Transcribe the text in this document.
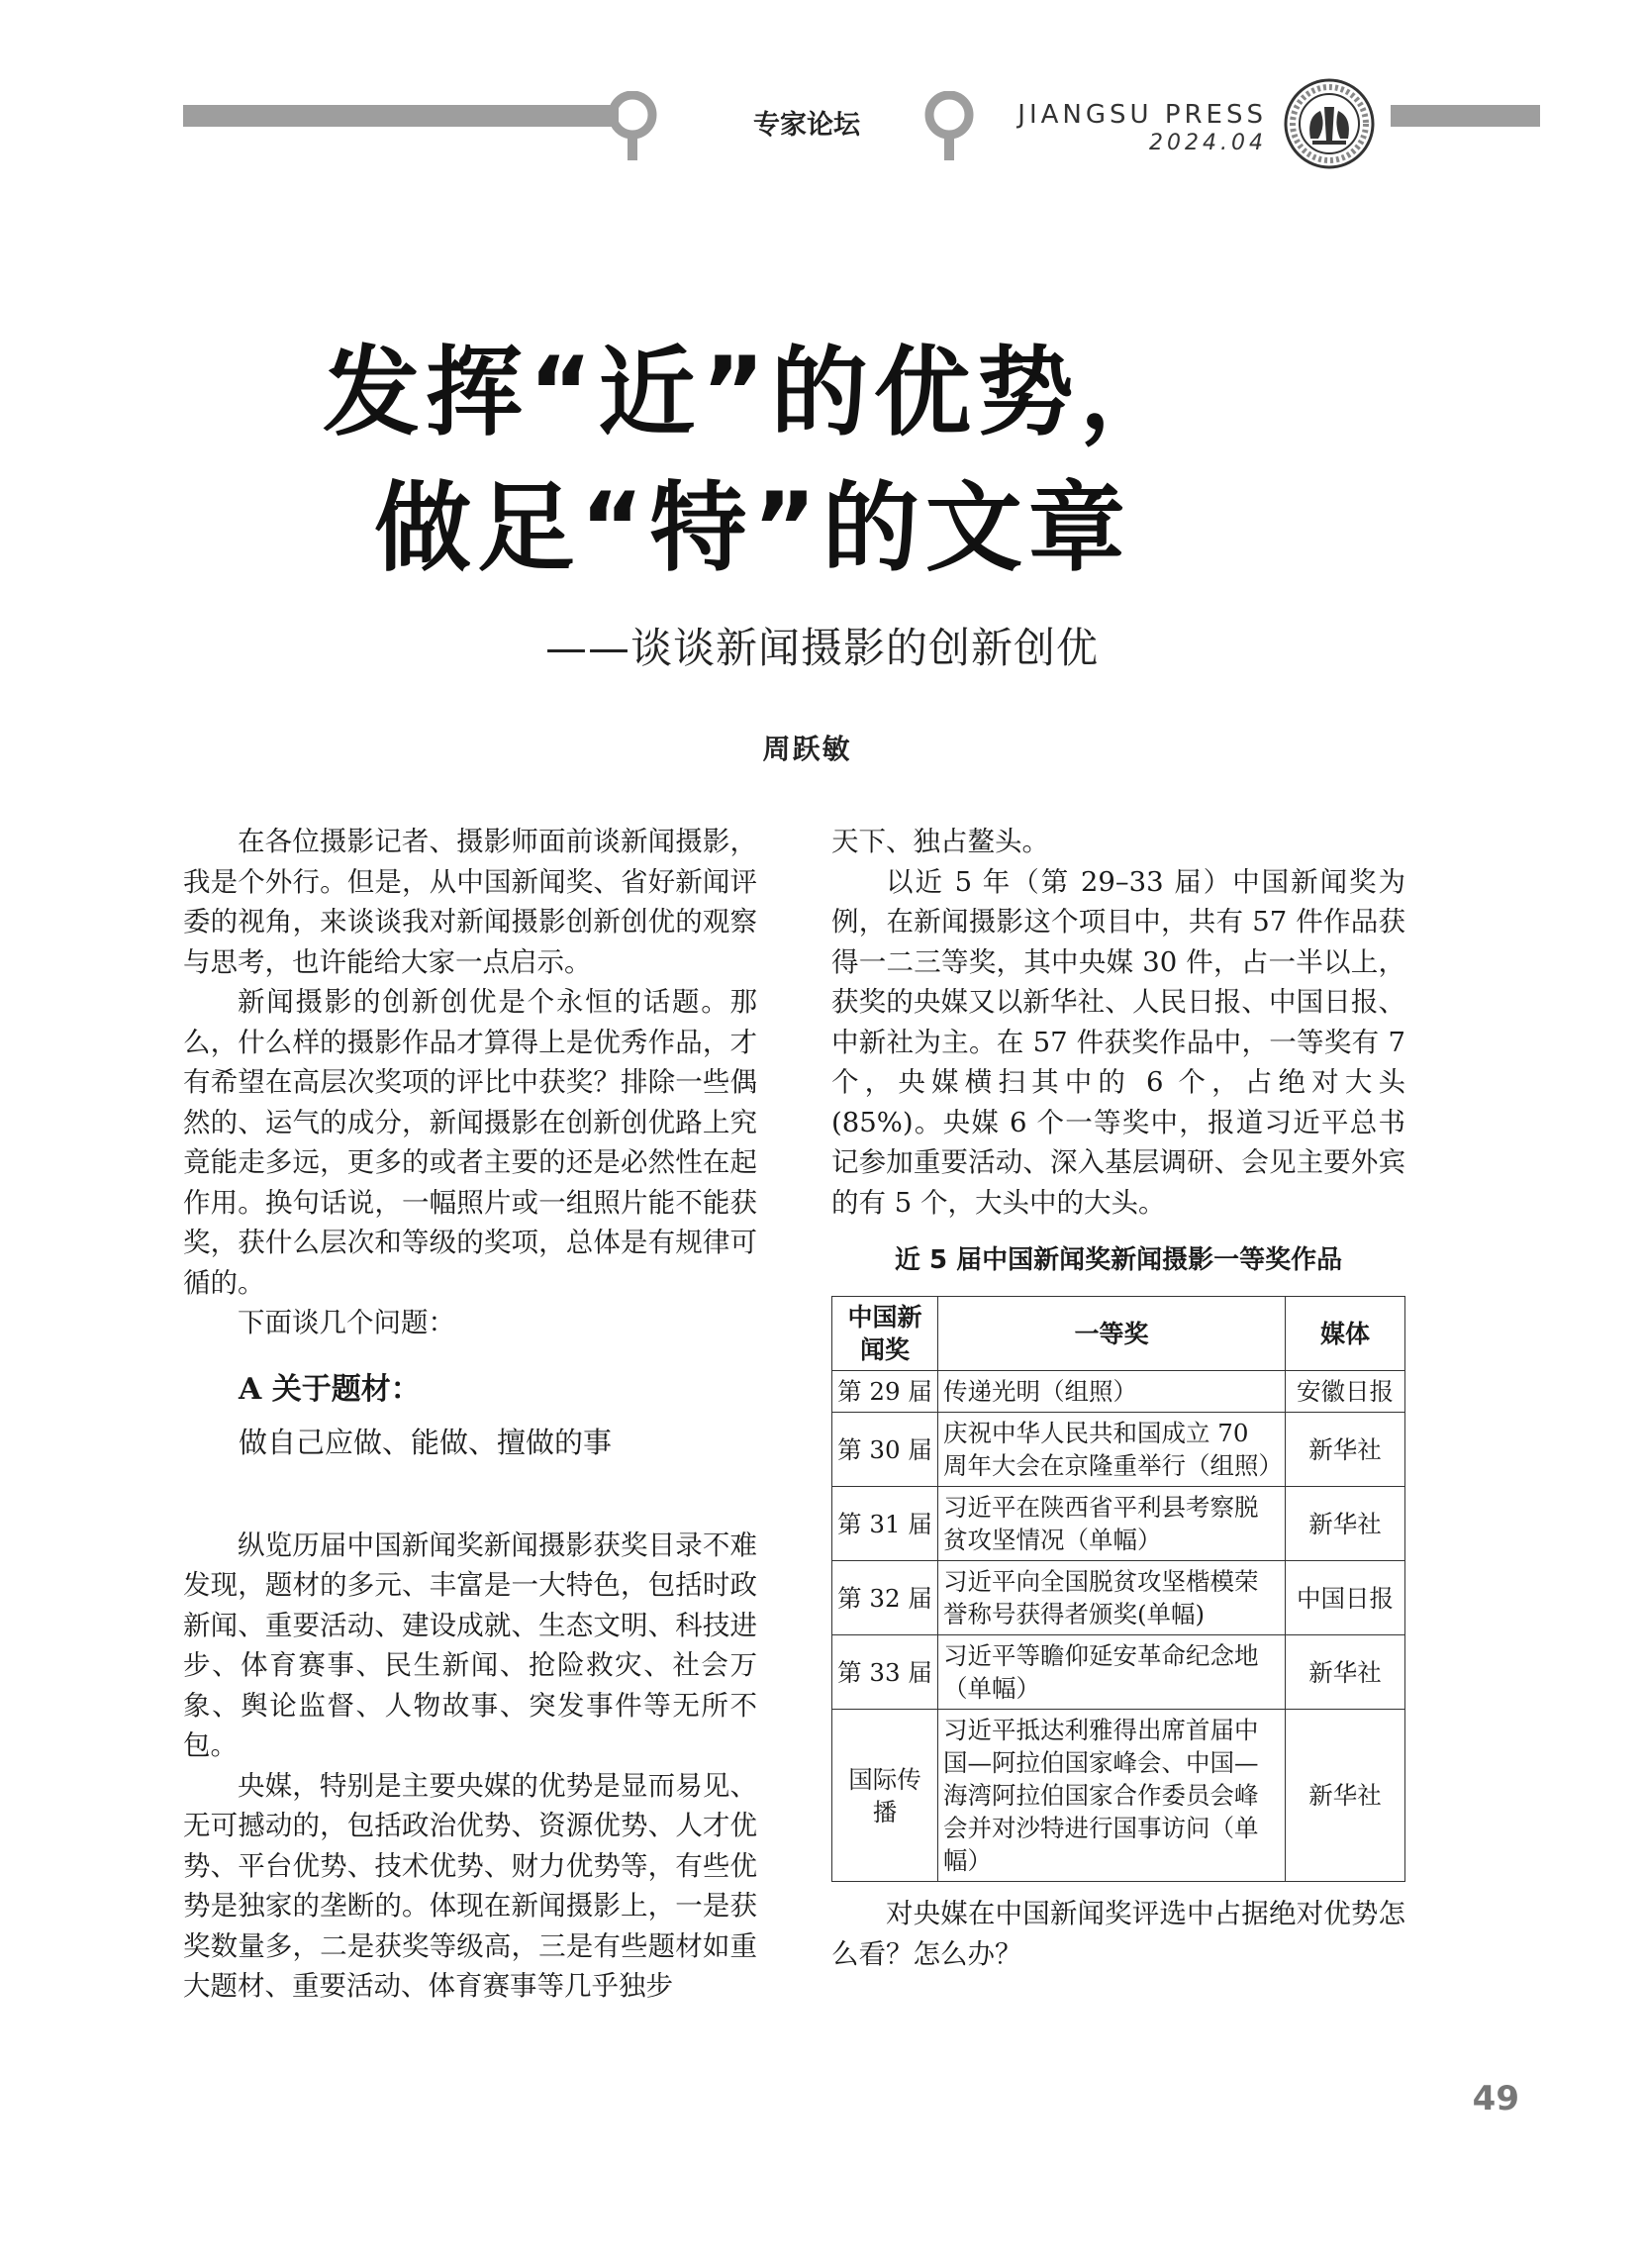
专家论坛	JIANGSU PRESS
2024.04
发挥“近”的优势，
做足“特”的文章
——谈谈新闻摄影的创新创优
周跃敏

在各位摄影记者、摄影师面前谈新闻摄影，我是个外行。但是，从中国新闻奖、省好新闻评委的视角，来谈谈我对新闻摄影创新创优的观察与思考，也许能给大家一点启示。

新闻摄影的创新创优是个永恒的话题。那么，什么样的摄影作品才算得上是优秀作品，才有希望在高层次奖项的评比中获奖？排除一些偶然的、运气的成分，新闻摄影在创新创优路上究竟能走多远，更多的或者主要的还是必然性在起作用。换句话说，一幅照片或一组照片能不能获奖，获什么层次和等级的奖项，总体是有规律可循的。

下面谈几个问题：

A 关于题材：
做自己应做、能做、擅做的事

纵览历届中国新闻奖新闻摄影获奖目录不难发现，题材的多元、丰富是一大特色，包括时政新闻、重要活动、建设成就、生态文明、科技进步、体育赛事、民生新闻、抢险救灾、社会万象、舆论监督、人物故事、突发事件等无所不包。

央媒，特别是主要央媒的优势是显而易见、无可撼动的，包括政治优势、资源优势、人才优势、平台优势、技术优势、财力优势等，有些优势是独家的垄断的。体现在新闻摄影上，一是获奖数量多，二是获奖等级高，三是有些题材如重大题材、重要活动、体育赛事等几乎独步

天下、独占鳌头。

以近 5 年（第 29–33 届）中国新闻奖为例，在新闻摄影这个项目中，共有 57 件作品获得一二三等奖，其中央媒 30 件，占一半以上，获奖的央媒又以新华社、人民日报、中国日报、中新社为主。在 57 件获奖作品中，一等奖有 7 个，央媒横扫其中的 6 个，占绝对大头 (85%)。央媒 6 个一等奖中，报道习近平总书记参加重要活动、深入基层调研、会见主要外宾的有 5 个，大头中的大头。

近 5 届中国新闻奖新闻摄影一等奖作品
中国新闻奖	一等奖	媒体
第 29 届	传递光明（组照）	安徽日报
第 30 届	庆祝中华人民共和国成立 70 周年大会在京隆重举行（组照）	新华社
第 31 届	习近平在陕西省平利县考察脱贫攻坚情况（单幅）	新华社
第 32 届	习近平向全国脱贫攻坚楷模荣誉称号获得者颁奖(单幅)	中国日报
第 33 届	习近平等瞻仰延安革命纪念地（单幅）	新华社
国际传播	习近平抵达利雅得出席首届中国—阿拉伯国家峰会、中国—海湾阿拉伯国家合作委员会峰会并对沙特进行国事访问（单幅）	新华社

对央媒在中国新闻奖评选中占据绝对优势怎么看？怎么办？

49
